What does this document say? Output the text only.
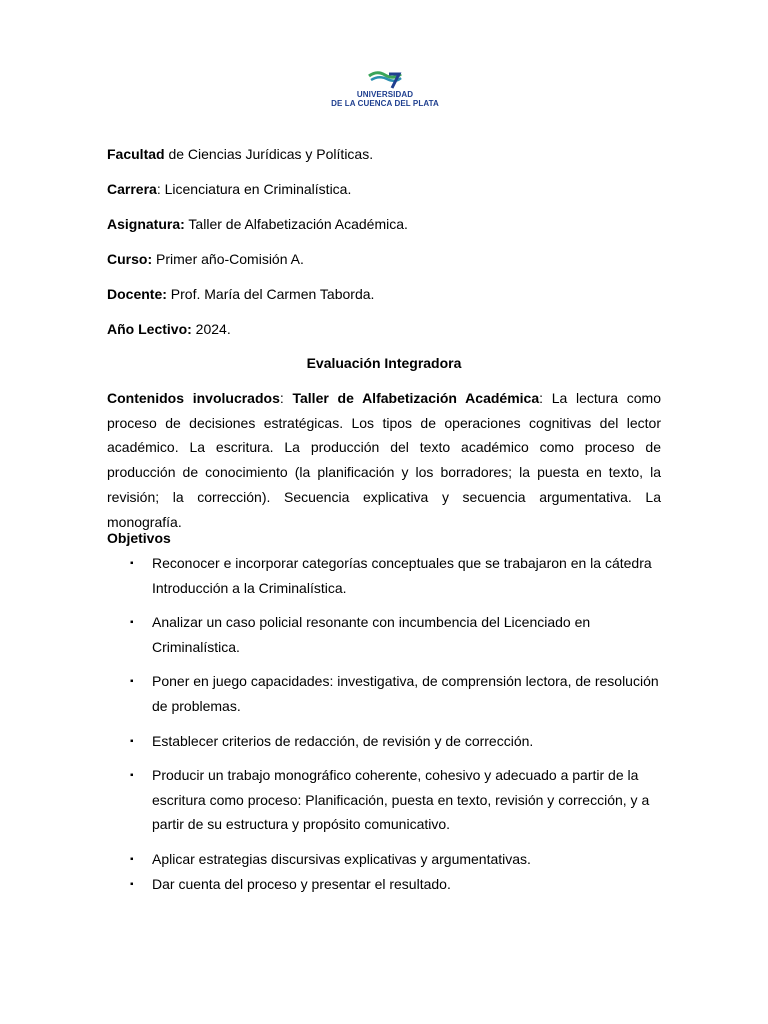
UNIVERSIDAD
DE LA CUENCA DEL PLATA
Facultad de Ciencias Jurídicas y Políticas.
Carrera: Licenciatura en Criminalística.
Asignatura: Taller de Alfabetización Académica.
Curso: Primer año-Comisión A.
Docente: Prof. María del Carmen Taborda.
Año Lectivo: 2024.
Evaluación Integradora
Contenidos involucrados: Taller de Alfabetización Académica: La lectura como proceso de decisiones estratégicas. Los tipos de operaciones cognitivas del lector académico. La escritura. La producción del texto académico como proceso de producción de conocimiento (la planificación y los borradores; la puesta en texto, la revisión; la corrección). Secuencia explicativa y secuencia argumentativa. La monografía.
Objetivos
▪ Reconocer e incorporar categorías conceptuales que se trabajaron en la cátedra Introducción a la Criminalística.
▪ Analizar un caso policial resonante con incumbencia del Licenciado en Criminalística.
▪ Poner en juego capacidades: investigativa, de comprensión lectora, de resolución de problemas.
▪ Establecer criterios de redacción, de revisión y de corrección.
▪ Producir un trabajo monográfico coherente, cohesivo y adecuado a partir de la escritura como proceso: Planificación, puesta en texto, revisión y corrección, y a partir de su estructura y propósito comunicativo.
▪ Aplicar estrategias discursivas explicativas y argumentativas.
▪ Dar cuenta del proceso y presentar el resultado.
